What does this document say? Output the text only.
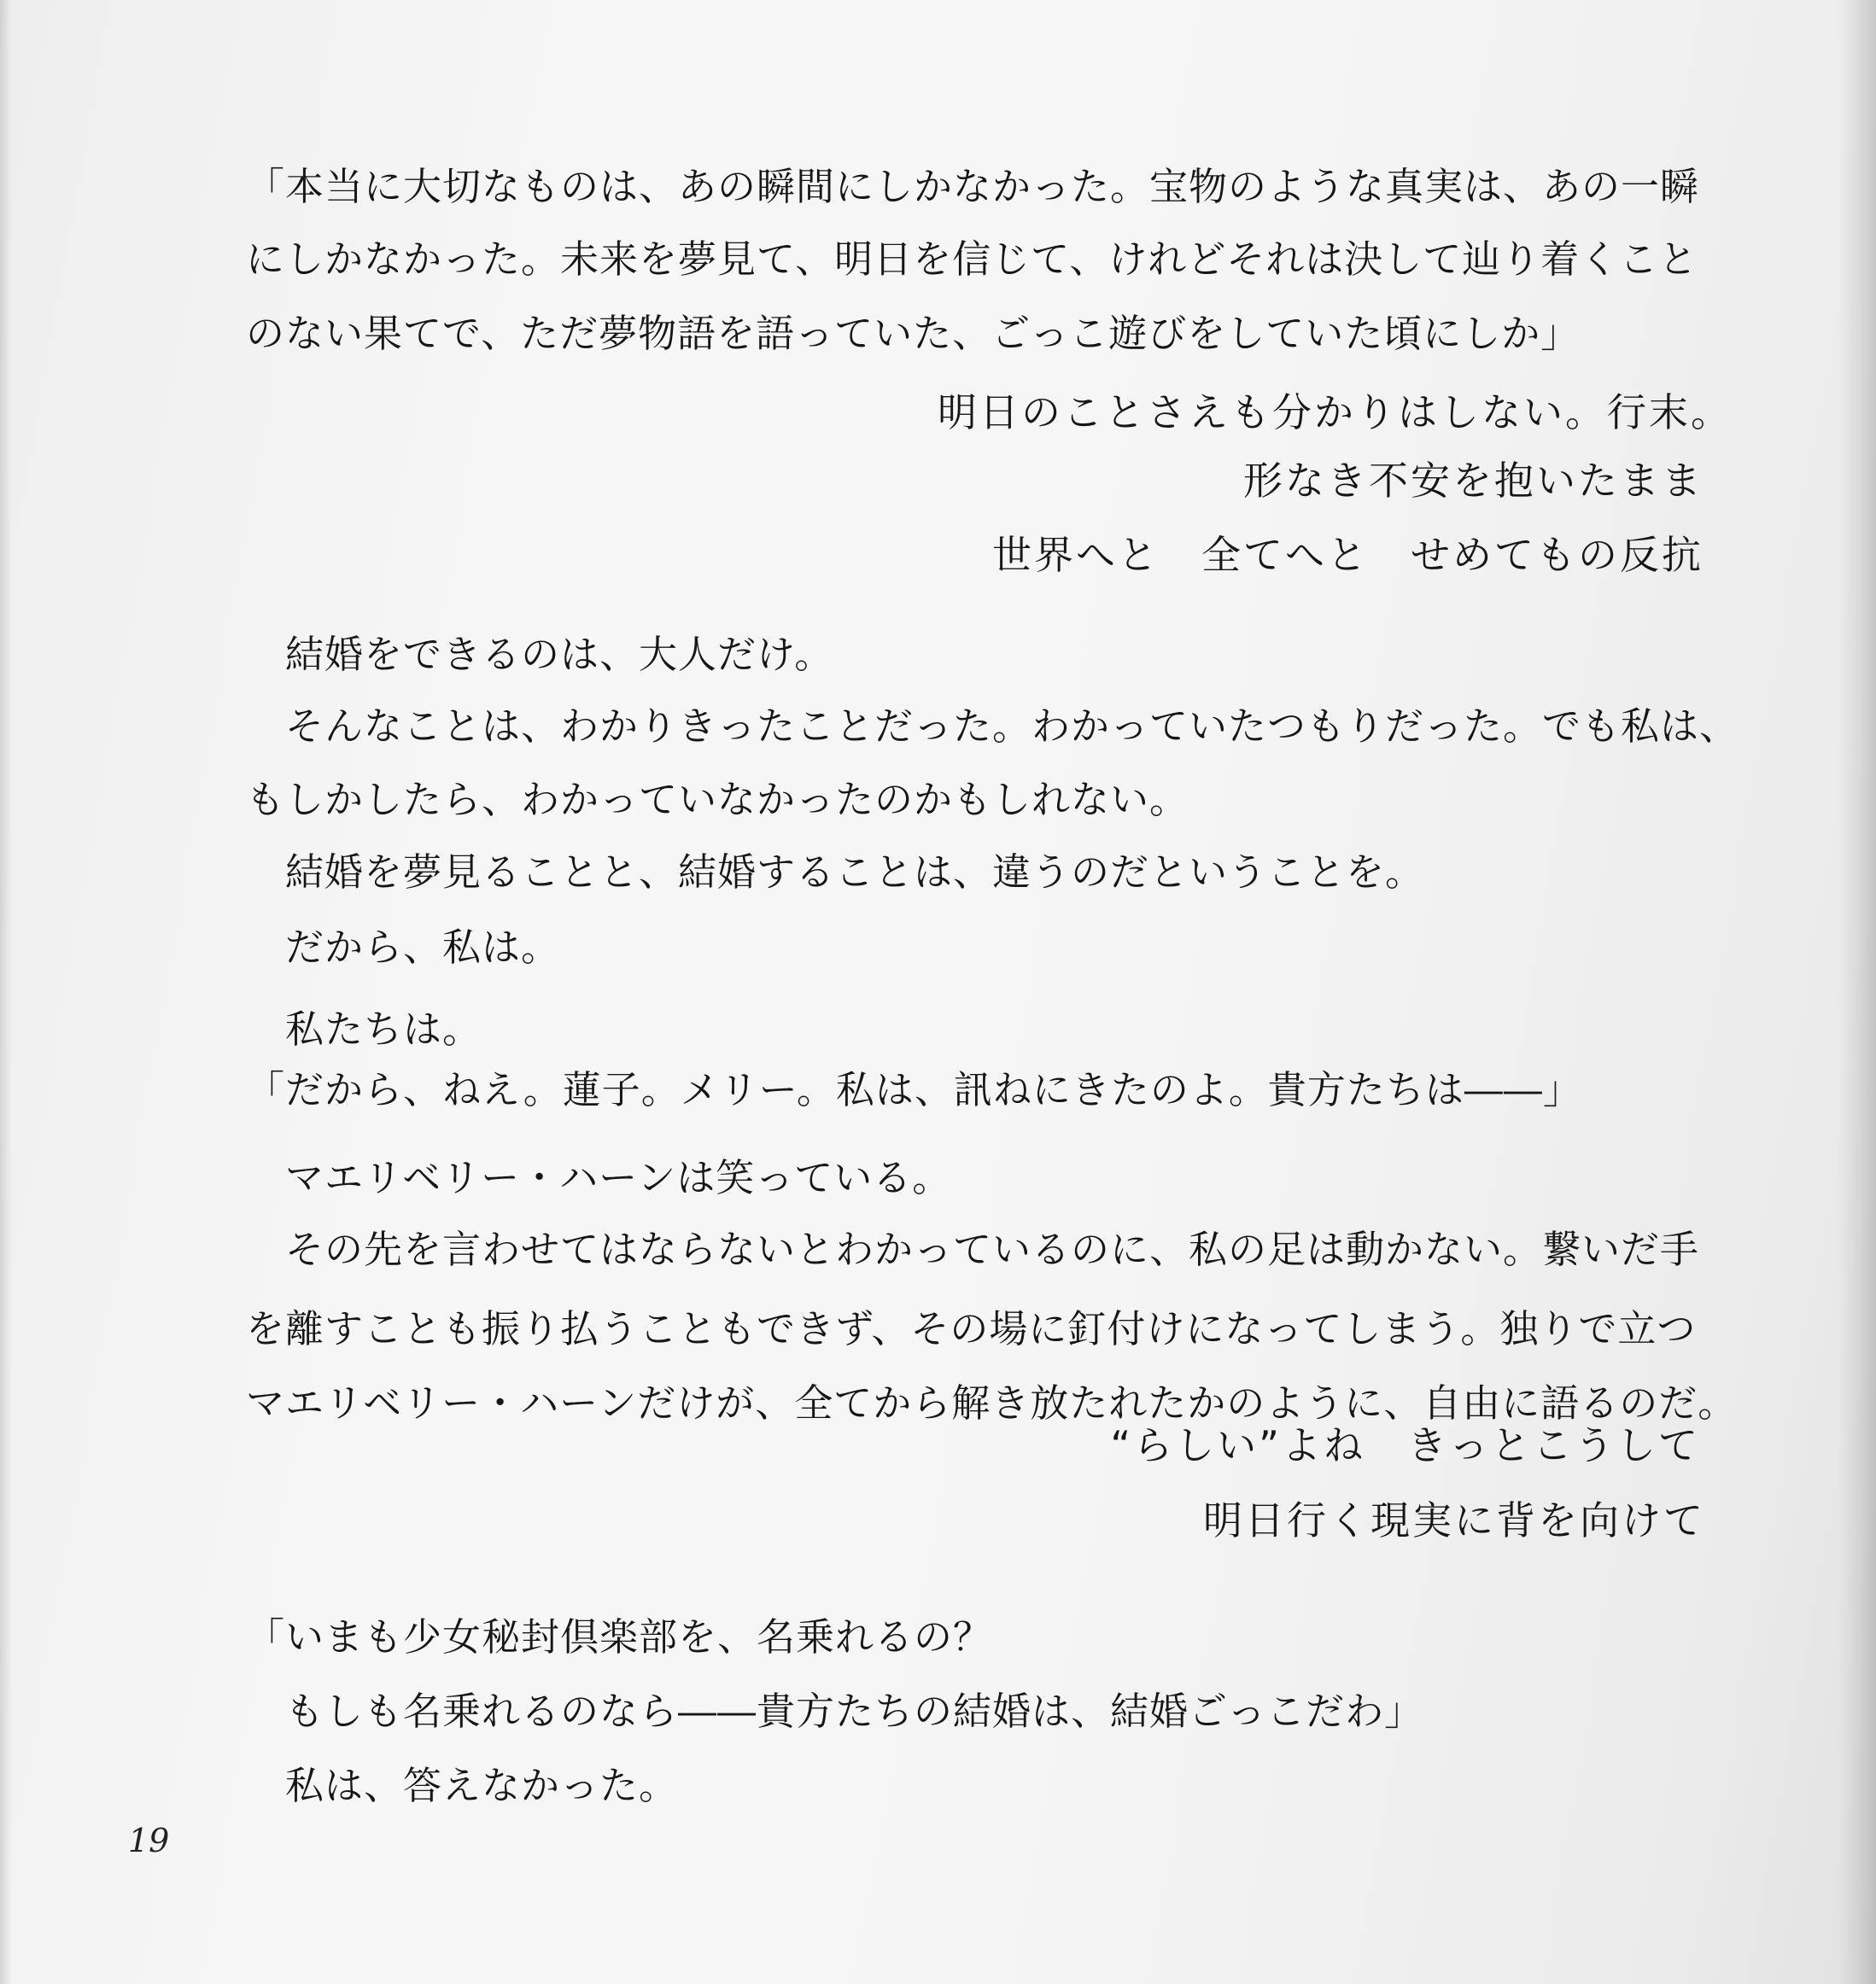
「本当に大切なものは、あの瞬間にしかなかった。宝物のような真実は、あの一瞬
にしかなかった。未来を夢見て、明日を信じて、けれどそれは決して辿り着くこと
のない果てで、ただ夢物語を語っていた、ごっこ遊びをしていた頃にしか」
明日のことさえも分かりはしない。行末。
形なき不安を抱いたまま
世界へと　全てへと　せめてもの反抗
　結婚をできるのは、大人だけ。
　そんなことは、わかりきったことだった。わかっていたつもりだった。でも私は、
もしかしたら、わかっていなかったのかもしれない。
　結婚を夢見ることと、結婚することは、違うのだということを。
　だから、私は。
　私たちは。
「だから、ねえ。蓮子。メリー。私は、訊ねにきたのよ。貴方たちは――」
　マエリベリー・ハーンは笑っている。
　その先を言わせてはならないとわかっているのに、私の足は動かない。繋いだ手
を離すことも振り払うこともできず、その場に釘付けになってしまう。独りで立つ
マエリベリー・ハーンだけが、全てから解き放たれたかのように、自由に語るのだ。
“らしい”よね　きっとこうして
明日行く現実に背を向けて
「いまも少女秘封倶楽部を、名乗れるの？
　もしも名乗れるのなら――貴方たちの結婚は、結婚ごっこだわ」
　私は、答えなかった。
19
